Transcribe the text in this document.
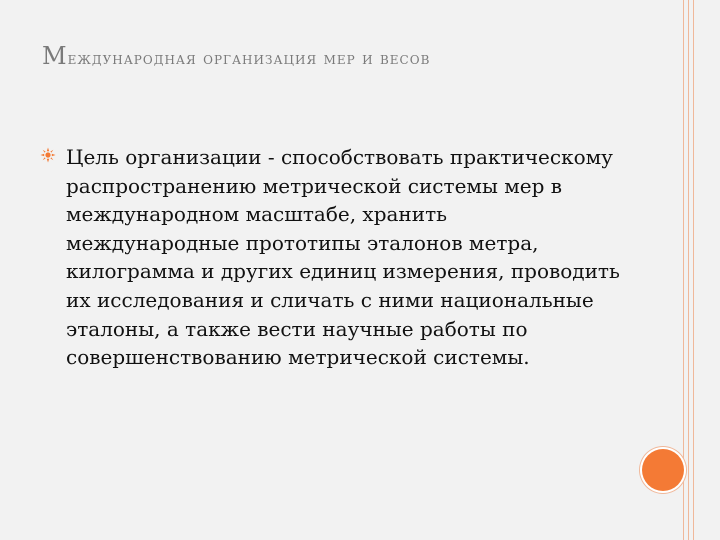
Международная организация мер и весов
Цель организации - способствовать практическому распространению метрической системы мер в международном масштабе, хранить международные прототипы эталонов метра, килограмма и других единиц измерения, проводить их исследования и сличать с ними национальные эталоны, а также вести научные работы по совершенствованию метрической системы.
